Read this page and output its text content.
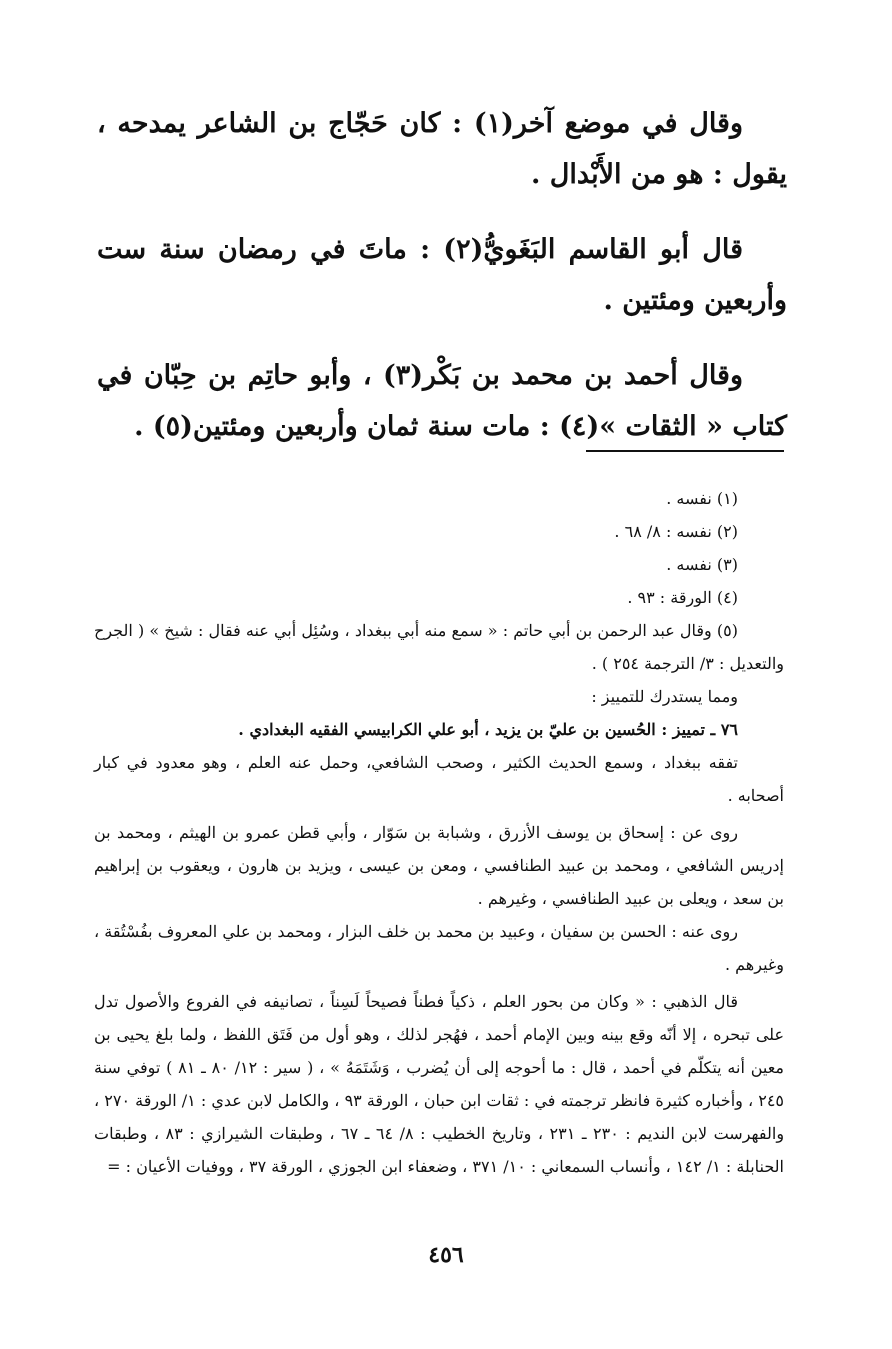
وقال في موضع آخر(١) : كان حَجّاج بن الشاعر يمدحه ، يقول : هو من الأَبْدال .

قال أبو القاسم البَغَويُّ(٢) : ماتَ في رمضان سنة ست وأربعين ومئتين .

وقال أحمد بن محمد بن بَكْر(٣) ، وأبو حاتِم بن حِبّان في كتاب « الثقات »(٤) : مات سنة ثمان وأربعين ومئتين(٥) .

(١) نفسه .

(٢) نفسه : ٨/ ٦٨ .

(٣) نفسه .

(٤) الورقة : ٩٣ .

(٥) وقال عبد الرحمن بن أبي حاتم : « سمع منه أبي ببغداد ، وسُئِل أبي عنه فقال : شيخ » ( الجرح والتعديل : ٣/ الترجمة ٢٥٤ ) .

ومما يستدرك للتمييز :

٧٦ ـ تمييز : الحُسين بن عليّ بن يزيد ، أبو علي الكرابيسي الفقيه البغدادي .

تفقه ببغداد ، وسمع الحديث الكثير ، وصحب الشافعي، وحمل عنه العلم ، وهو معدود في كبار أصحابه .

روى عن : إسحاق بن يوسف الأزرق ، وشبابة بن سَوّار ، وأبي قطن عمرو بن الهيثم ، ومحمد بن إدريس الشافعي ، ومحمد بن عبيد الطنافسي ، ومعن بن عيسى ، ويزيد بن هارون ، ويعقوب بن إبراهيم بن سعد ، ويعلى بن عبيد الطنافسي ، وغيرهم .

روى عنه : الحسن بن سفيان ، وعبيد بن محمد بن خلف البزار ، ومحمد بن علي المعروف بفُسْتُقة ، وغيرهم .

قال الذهبي : « وكان من بحور العلم ، ذكياً فطناً فصيحاً لَسِناً ، تصانيفه في الفروع والأصول تدل على تبحره ، إلا أنّه وقع بينه وبين الإمام أحمد ، فهُجر لذلك ، وهو أول من فَتَق اللفظ ، ولما بلغ يحيى بن معين أنه يتكلّم في أحمد ، قال : ما أحوجه إلى أن يُضرب ، وَشَتَمَهُ » ، ( سير : ١٢/ ٨٠ ـ ٨١ ) توفي سنة ٢٤٥ ، وأخباره كثيرة فانظر ترجمته في : ثقات ابن حبان ، الورقة ٩٣ ، والكامل لابن عدي : ١/ الورقة ٢٧٠ ، والفهرست لابن النديم : ٢٣٠ ـ ٢٣١ ، وتاريخ الخطيب : ٨/ ٦٤ ـ ٦٧ ، وطبقات الشيرازي : ٨٣ ، وطبقات الحنابلة : ١/ ١٤٢ ، وأنساب السمعاني : ١٠/ ٣٧١ ، وضعفاء ابن الجوزي ، الورقة ٣٧ ، ووفيات الأعيان : =

٤٥٦
